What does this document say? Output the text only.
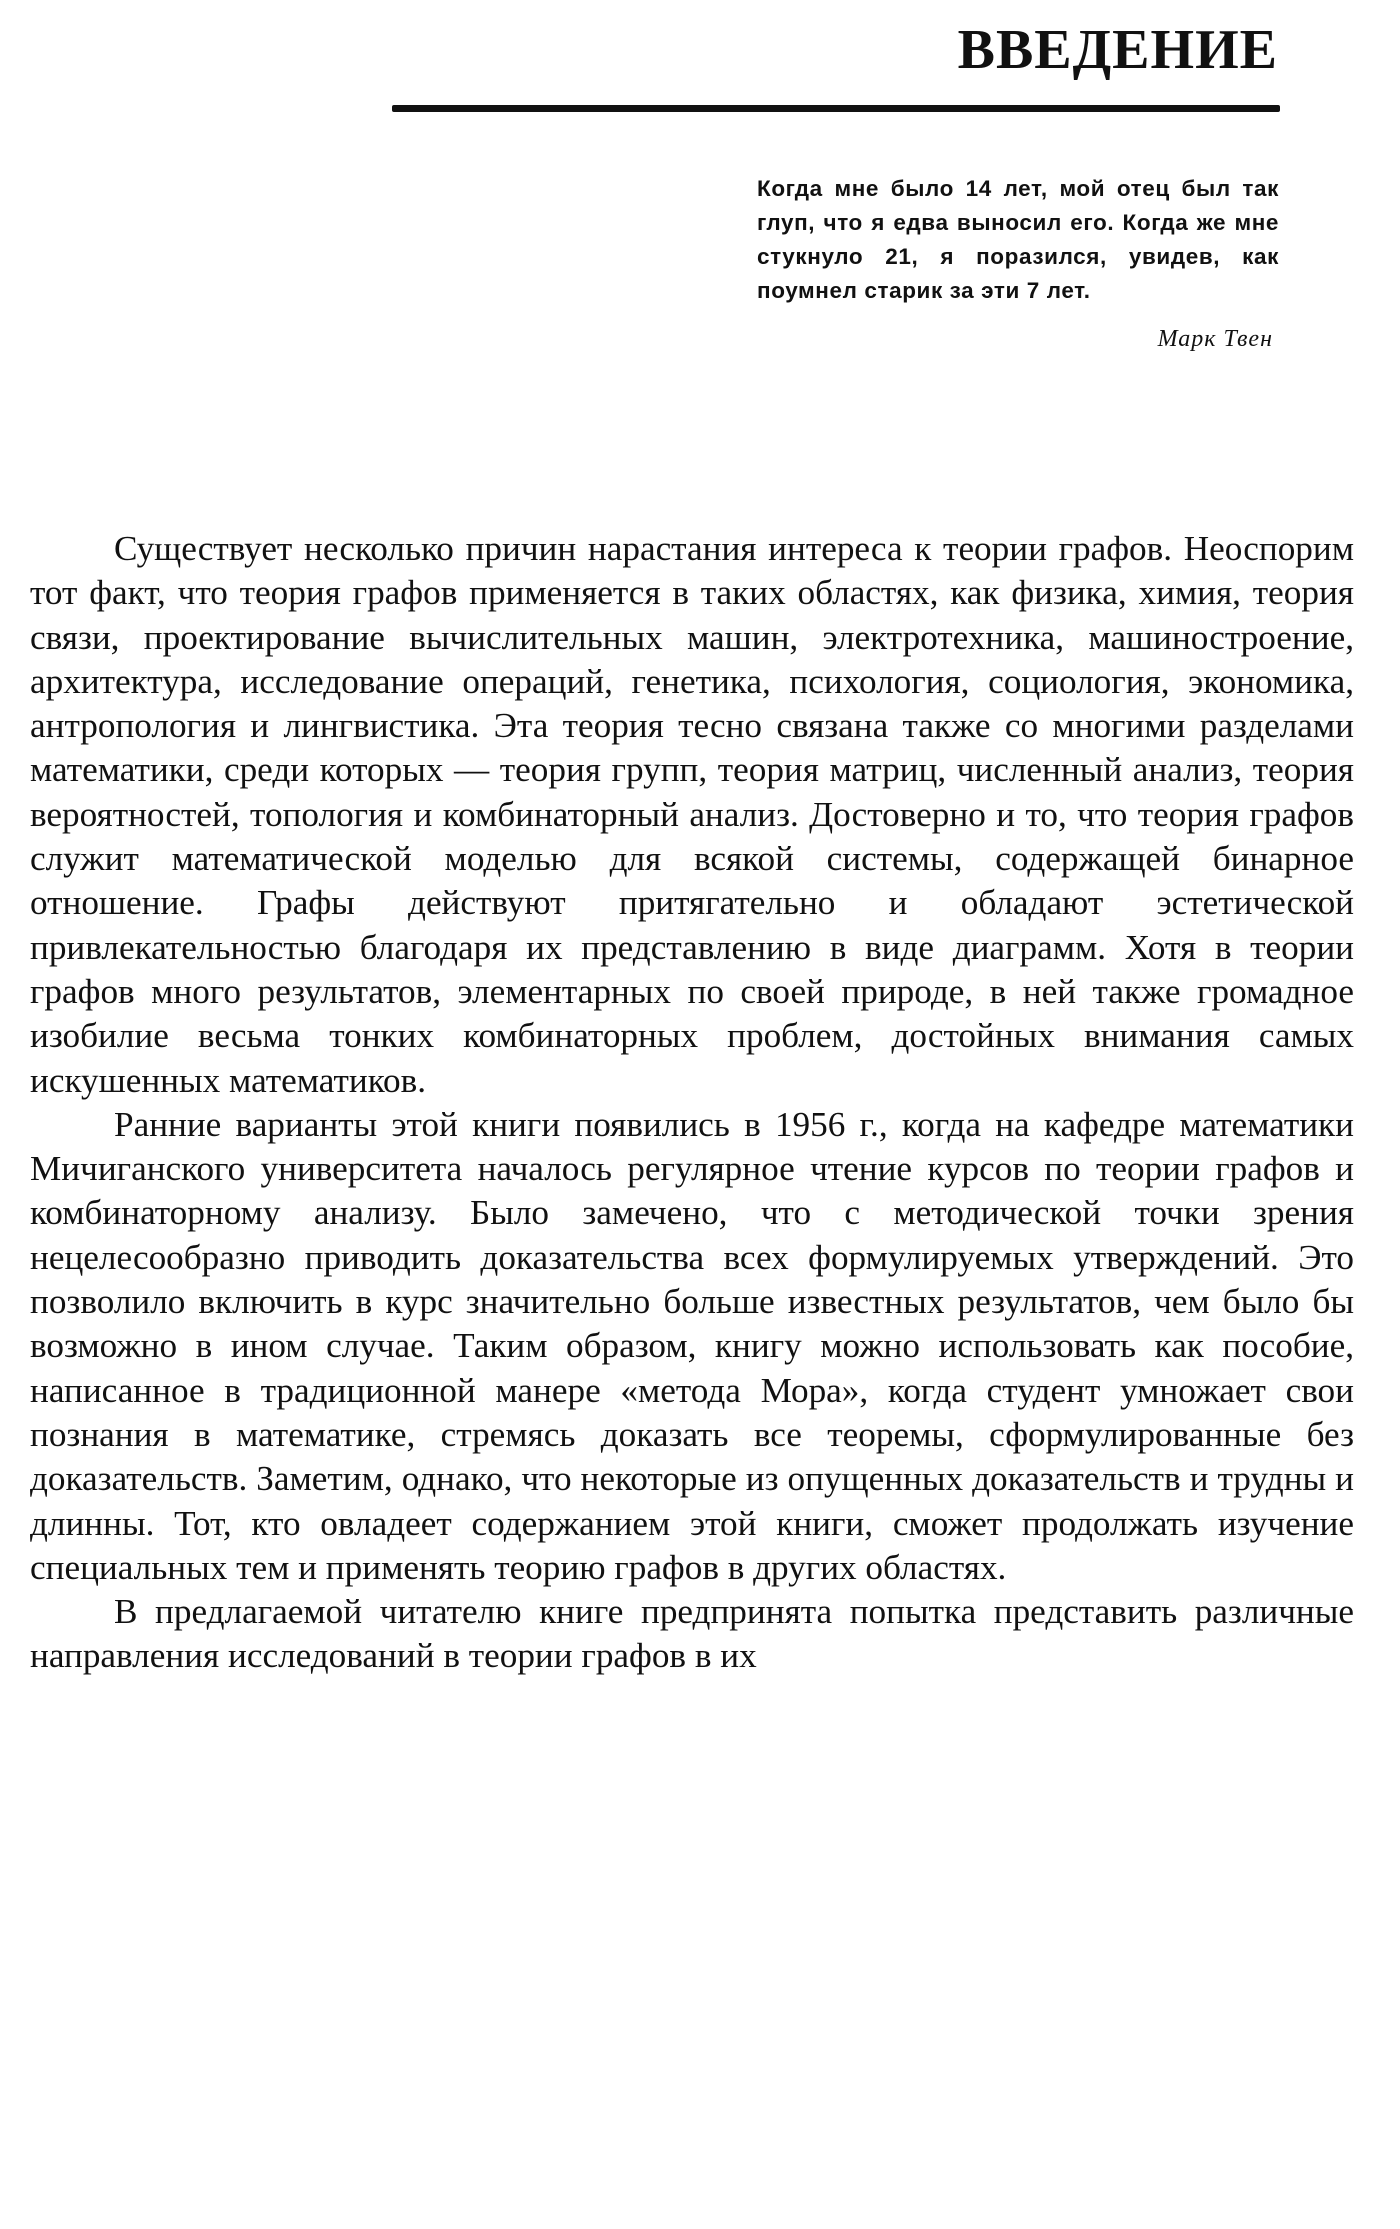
ВВЕДЕНИЕ

Когда мне было 14 лет, мой отец был так глуп, что я едва выносил его. Когда же мне стукнуло 21, я поразился, увидев, как поумнел старик за эти 7 лет.

Марк Твен

Существует несколько причин нарастания интереса к теории графов. Неоспорим тот факт, что теория графов применяется в таких областях, как физика, химия, теория связи, проектирование вычислительных машин, электротехника, машиностроение, архитектура, исследование операций, генетика, психология, социология, экономика, антропология и лингвистика. Эта теория тесно связана также со многими разделами математики, среди которых — теория групп, теория матриц, численный анализ, теория вероятностей, топология и комбинаторный анализ. Достоверно и то, что теория графов служит математической моделью для всякой системы, содержащей бинарное отношение. Графы действуют притягательно и обладают эстетической привлекательностью благодаря их представлению в виде диаграмм. Хотя в теории графов много результатов, элементарных по своей природе, в ней также громадное изобилие весьма тонких комбинаторных проблем, достойных внимания самых искушенных математиков.

Ранние варианты этой книги появились в 1956 г., когда на кафедре математики Мичиганского университета началось регулярное чтение курсов по теории графов и комбинаторному анализу. Было замечено, что с методической точки зрения нецелесообразно приводить доказательства всех формулируемых утверждений. Это позволило включить в курс значительно больше известных результатов, чем было бы возможно в ином случае. Таким образом, книгу можно использовать как пособие, написанное в традиционной манере «метода Мора», когда студент умножает свои познания в математике, стремясь доказать все теоремы, сформулированные без доказательств. Заметим, однако, что некоторые из опущенных доказательств и трудны и длинны. Тот, кто овладеет содержанием этой книги, сможет продолжать изучение специальных тем и применять теорию графов в других областях.

В предлагаемой читателю книге предпринята попытка представить различные направления исследований в теории графов в их
